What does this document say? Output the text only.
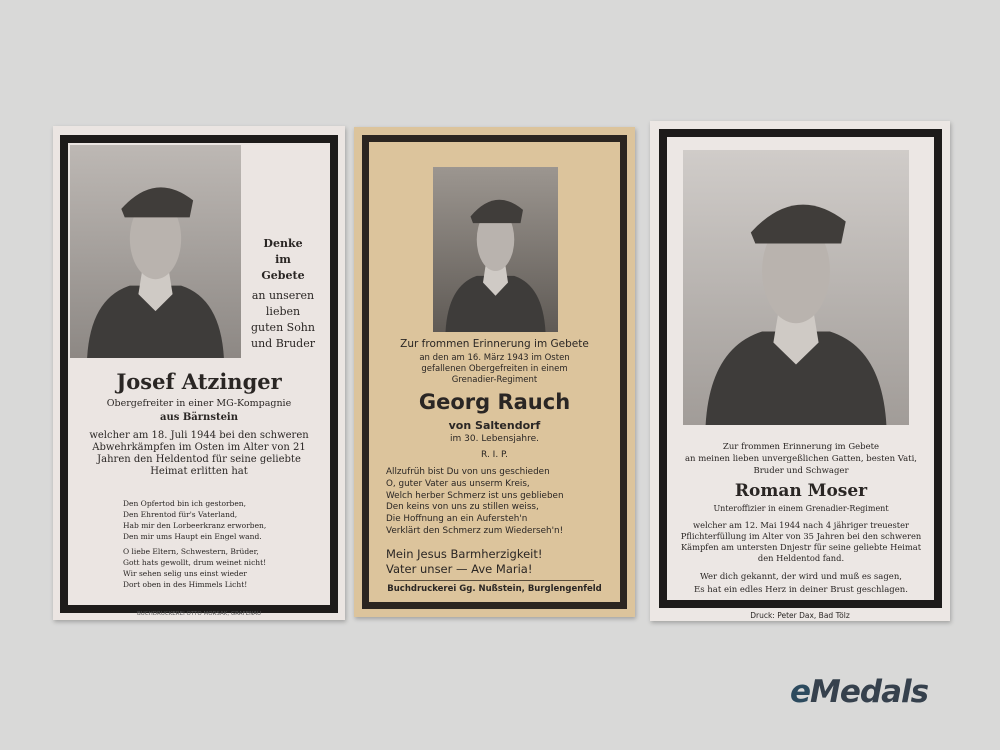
Denke
im
Gebete
an unseren
lieben
guten Sohn
und Bruder
Josef Atzinger
Obergefreiter in einer MG-Kompagnie
aus Bärnstein
welcher am 18. Juli 1944 bei den schweren Abwehrkämpfen im Osten im Alter von 21 Jahren den Heldentod für seine geliebte Heimat erlitten hat
Den Opfertod bin ich gestorben,
Den Ehrentod für's Vaterland,
Hab mir den Lorbeerkranz erworben,
Den mir ums Haupt ein Engel wand.
O liebe Eltern, Schwestern, Brüder,
Gott hats gewollt, drum weinet nicht!
Wir sehen selig uns einst wieder
Dort oben in des Himmels Licht!
BUCHDRUCKEREI OTTO MORSAK, GRAFENAU
Zur frommen Erinnerung im Gebete
an den am 16. März 1943 im Osten
gefallenen Obergefreiten in einem
Grenadier-Regiment
Georg Rauch
von Saltendorf
im 30. Lebensjahre.
R. I. P.
Allzufrüh bist Du von uns geschieden
O, guter Vater aus unserm Kreis,
Welch herber Schmerz ist uns geblieben
Den keins von uns zu stillen weiss,
Die Hoffnung an ein Aufersteh'n
Verklärt den Schmerz zum Wiederseh'n!
Mein Jesus Barmherzigkeit!
Vater unser — Ave Maria!
Buchdruckerei Gg. Nußstein, Burglengenfeld
Zur frommen Erinnerung im Gebete
an meinen lieben unvergeßlichen Gatten, besten Vati,
Bruder und Schwager
Roman Moser
Unteroffizier in einem Grenadier-Regiment
welcher am 12. Mai 1944 nach 4 jähriger treuester Pflichterfüllung im Alter von 35 Jahren bei den schweren Kämpfen am untersten Dnjestr für seine geliebte Heimat den Heldentod fand.
Wer dich gekannt, der wird und muß es sagen,
Es hat ein edles Herz in deiner Brust geschlagen.
Druck: Peter Dax, Bad Tölz
eMedals
